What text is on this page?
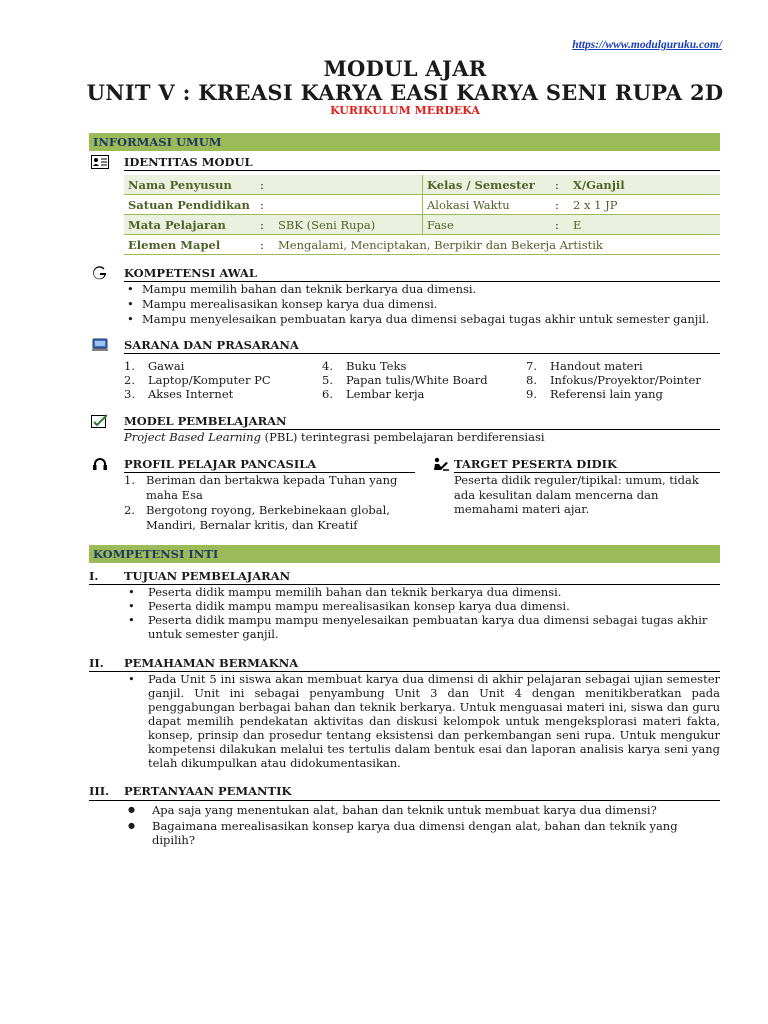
https://www.modulguruku.com/
MODUL AJAR
UNIT V : KREASI KARYA EASI KARYA SENI RUPA 2D
KURIKULUM MERDEKA
INFORMASI UMUM
IDENTITAS MODUL
Nama Penyusun	:		Kelas / Semester	:	X/Ganjil
Satuan Pendidikan	:		Alokasi Waktu	:	2 x 1 JP
Mata Pelajaran	:	SBK (Seni Rupa)	Fase	:	E
Elemen Mapel	:	Mengalami, Menciptakan, Berpikir dan Bekerja Artistik			
KOMPETENSI AWAL
• Mampu memilih bahan dan teknik berkarya dua dimensi.
• Mampu merealisasikan konsep karya dua dimensi.
• Mampu menyelesaikan pembuatan karya dua dimensi sebagai tugas akhir untuk semester ganjil.
SARANA DAN PRASARANA
1.	Gawai
2.	Laptop/Komputer PC
3.	Akses Internet
4.	Buku Teks
5.	Papan tulis/White Board
6.	Lembar kerja
7.	Handout materi
8.	Infokus/Proyektor/Pointer
9.	Referensi lain yang
MODEL PEMBELAJARAN
Project Based Learning (PBL) terintegrasi pembelajaran berdiferensiasi
PROFIL PELAJAR PANCASILA
1. Beriman dan bertakwa kepada Tuhan yang
maha Esa
2. Bergotong royong, Berkebinekaan global,
Mandiri, Bernalar kritis, dan Kreatif
TARGET PESERTA DIDIK
Peserta didik reguler/tipikal: umum, tidak
ada kesulitan dalam mencerna dan
memahami materi ajar.
KOMPETENSI INTI
I. TUJUAN PEMBELAJARAN
• Peserta didik mampu memilih bahan dan teknik berkarya dua dimensi.
• Peserta didik mampu mampu merealisasikan konsep karya dua dimensi.
• Peserta didik mampu mampu menyelesaikan pembuatan karya dua dimensi sebagai tugas akhir untuk semester ganjil.
II. PEMAHAMAN BERMAKNA
• Pada Unit 5 ini siswa akan membuat karya dua dimensi di akhir pelajaran sebagai ujian semester ganjil. Unit ini sebagai penyambung Unit 3 dan Unit 4 dengan menitikberatkan pada penggabungan berbagai bahan dan teknik berkarya. Untuk menguasai materi ini, siswa dan guru dapat memilih pendekatan aktivitas dan diskusi kelompok untuk mengeksplorasi materi fakta, konsep, prinsip dan prosedur tentang eksistensi dan perkembangan seni rupa. Untuk mengukur kompetensi dilakukan melalui tes tertulis dalam bentuk esai dan laporan analisis karya seni yang telah dikumpulkan atau didokumentasikan.
III. PERTANYAAN PEMANTIK
● Apa saja yang menentukan alat, bahan dan teknik untuk membuat karya dua dimensi?
● Bagaimana merealisasikan konsep karya dua dimensi dengan alat, bahan dan teknik yang dipilih?
